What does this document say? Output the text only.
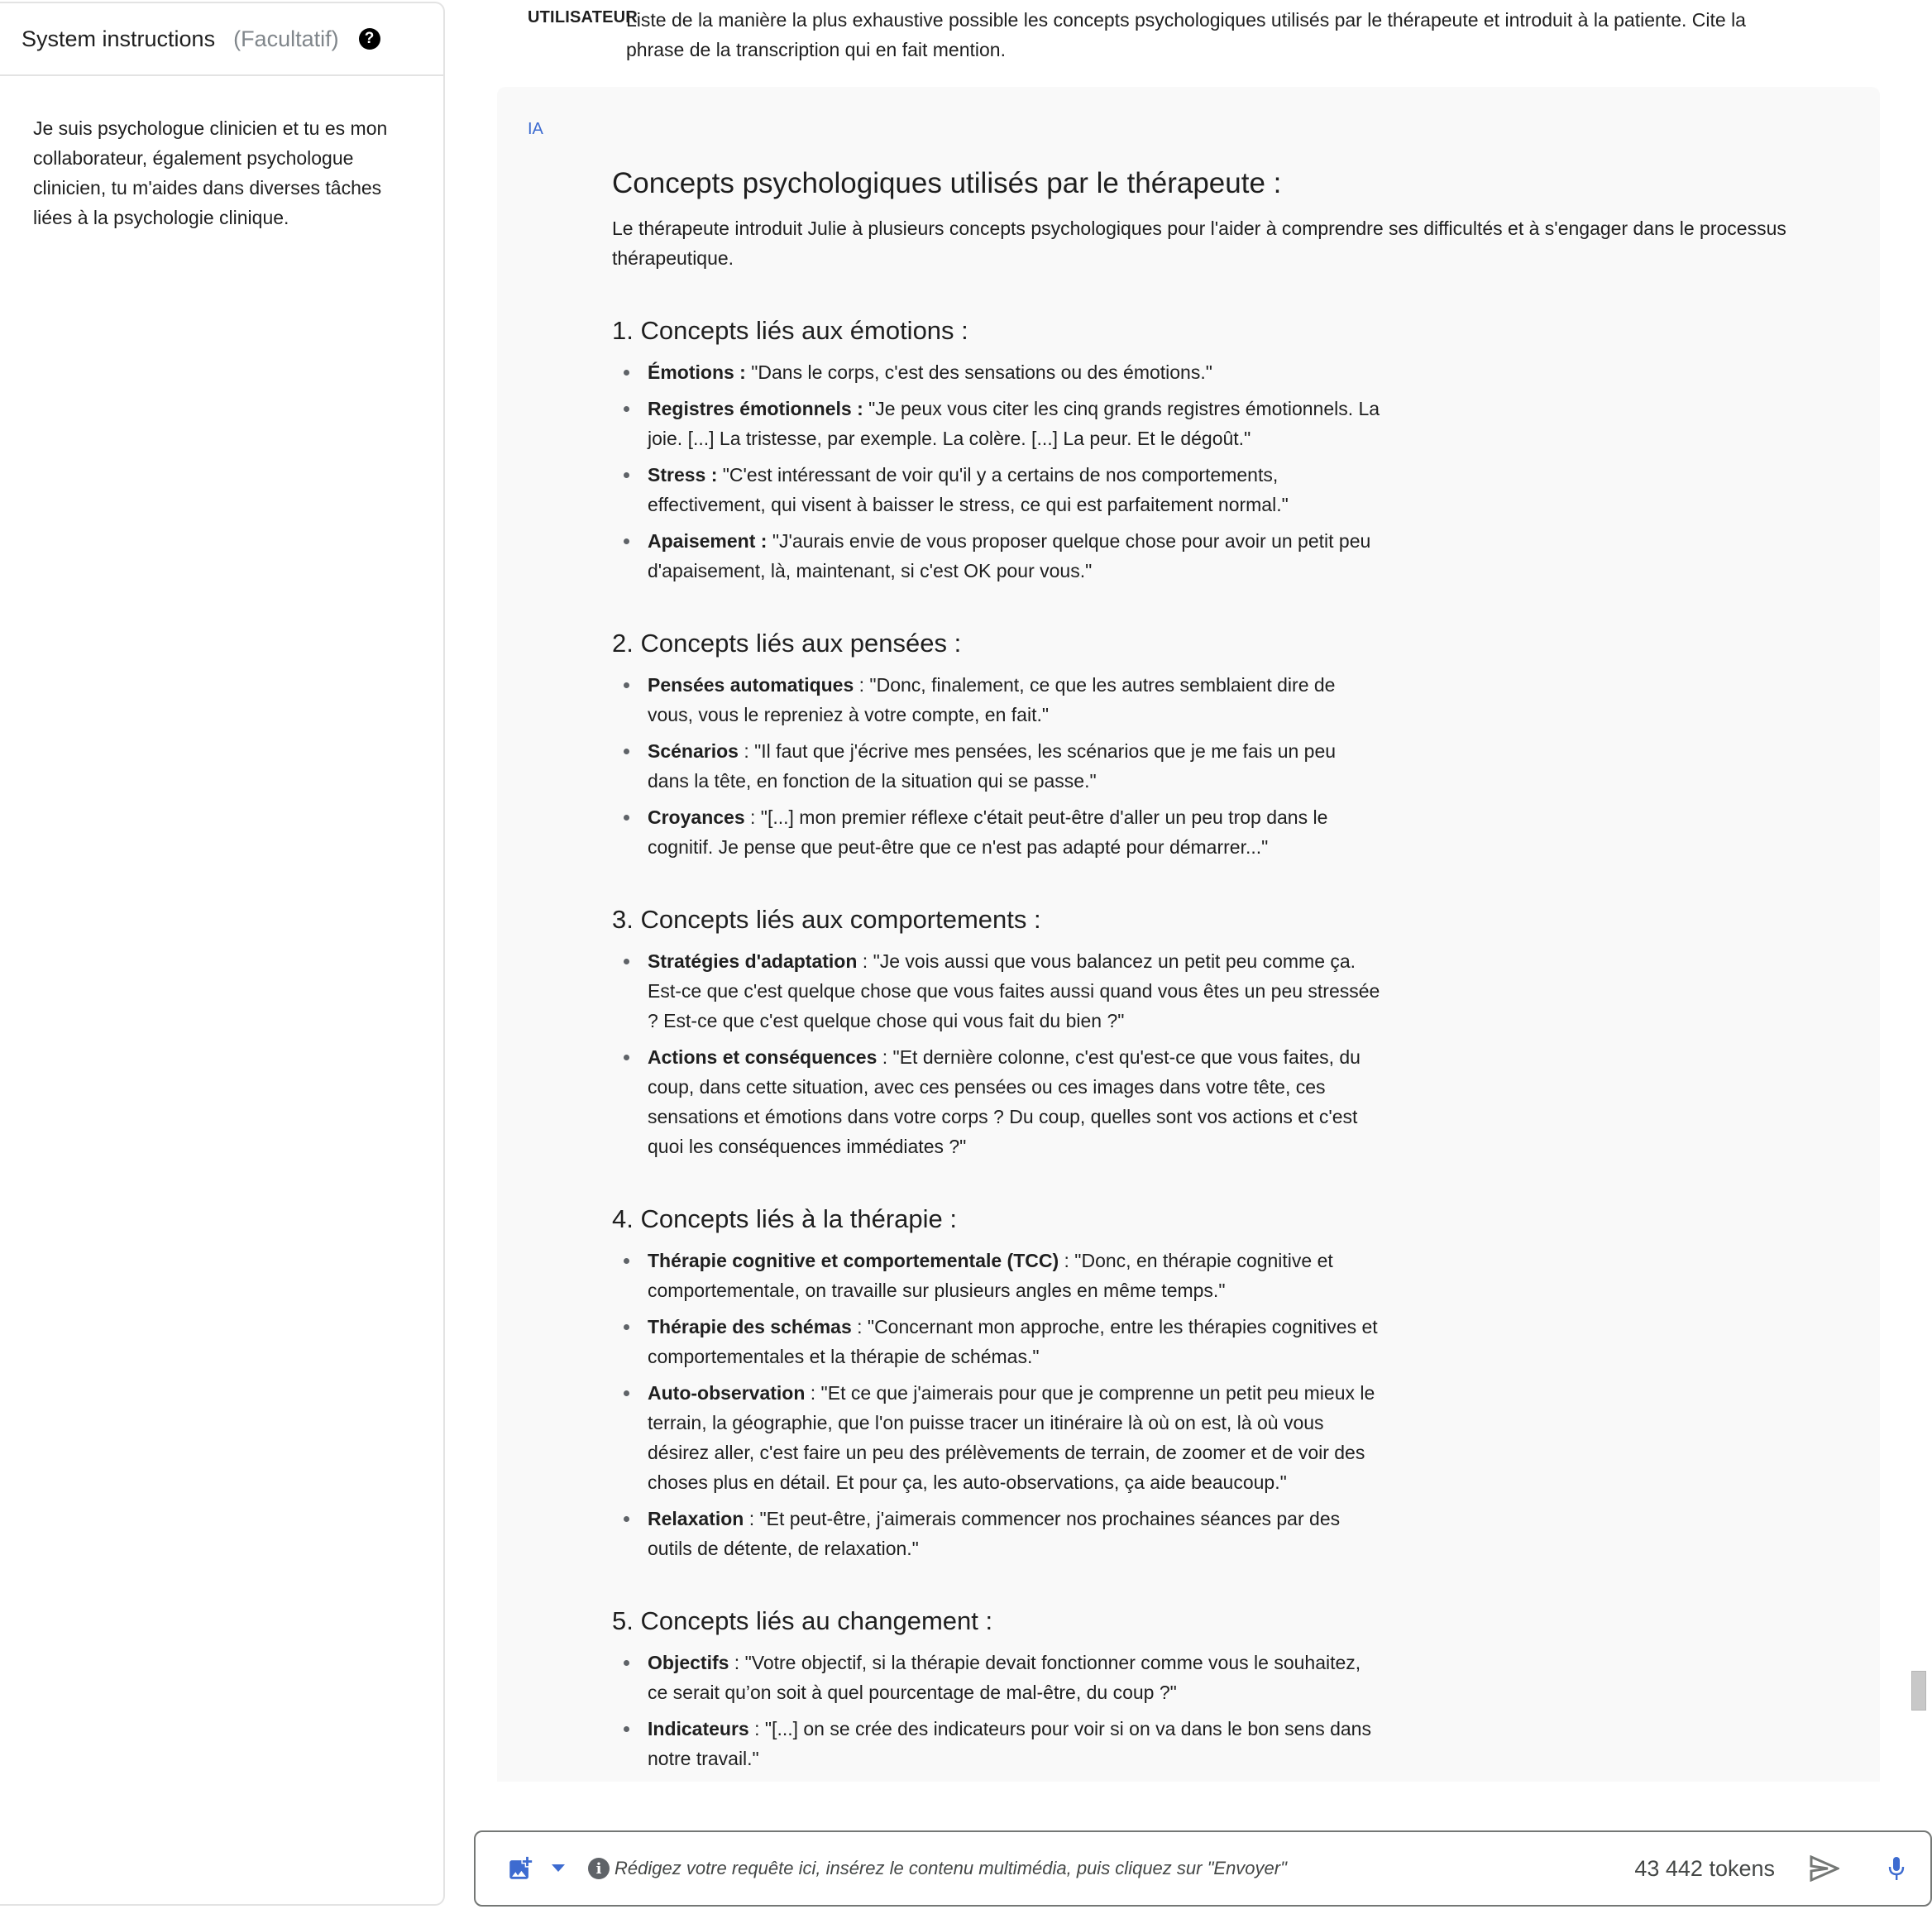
System instructions (Facultatif)	?
Je suis psychologue clinicien et tu es mon collaborateur, également psychologue clinicien, tu m'aides dans diverses tâches liées à la psychologie clinique.
UTILISATEUR
Liste de la manière la plus exhaustive possible les concepts psychologiques utilisés par le thérapeute et introduit à la patiente. Cite la phrase de la transcription qui en fait mention.
IA
Concepts psychologiques utilisés par le thérapeute :

Le thérapeute introduit Julie à plusieurs concepts psychologiques pour l'aider à comprendre ses difficultés et à s'engager dans le processus thérapeutique.

1. Concepts liés aux émotions :
Émotions : "Dans le corps, c'est des sensations ou des émotions."
Registres émotionnels : "Je peux vous citer les cinq grands registres émotionnels. La joie. [...] La tristesse, par exemple. La colère. [...] La peur. Et le dégoût."
Stress : "C'est intéressant de voir qu'il y a certains de nos comportements, effectivement, qui visent à baisser le stress, ce qui est parfaitement normal."
Apaisement : "J'aurais envie de vous proposer quelque chose pour avoir un petit peu d'apaisement, là, maintenant, si c'est OK pour vous."
2. Concepts liés aux pensées :
Pensées automatiques : "Donc, finalement, ce que les autres semblaient dire de vous, vous le repreniez à votre compte, en fait."
Scénarios : "Il faut que j'écrive mes pensées, les scénarios que je me fais un peu dans la tête, en fonction de la situation qui se passe."
Croyances : "[...] mon premier réflexe c'était peut-être d'aller un peu trop dans le cognitif. Je pense que peut-être que ce n'est pas adapté pour démarrer..."
3. Concepts liés aux comportements :
Stratégies d'adaptation : "Je vois aussi que vous balancez un petit peu comme ça. Est-ce que c'est quelque chose que vous faites aussi quand vous êtes un peu stressée ? Est-ce que c'est quelque chose qui vous fait du bien ?"
Actions et conséquences : "Et dernière colonne, c'est qu'est-ce que vous faites, du coup, dans cette situation, avec ces pensées ou ces images dans votre tête, ces sensations et émotions dans votre corps ? Du coup, quelles sont vos actions et c'est quoi les conséquences immédiates ?"
4. Concepts liés à la thérapie :
Thérapie cognitive et comportementale (TCC) : "Donc, en thérapie cognitive et comportementale, on travaille sur plusieurs angles en même temps."
Thérapie des schémas : "Concernant mon approche, entre les thérapies cognitives et comportementales et la thérapie de schémas."
Auto-observation : "Et ce que j'aimerais pour que je comprenne un petit peu mieux le terrain, la géographie, que l'on puisse tracer un itinéraire là où on est, là où vous désirez aller, c'est faire un peu des prélèvements de terrain, de zoomer et de voir des choses plus en détail. Et pour ça, les auto-observations, ça aide beaucoup."
Relaxation : "Et peut-être, j'aimerais commencer nos prochaines séances par des outils de détente, de relaxation."
5. Concepts liés au changement :
Objectifs : "Votre objectif, si la thérapie devait fonctionner comme vous le souhaitez, ce serait qu’on soit à quel pourcentage de mal-être, du coup ?"
Indicateurs : "[...] on se crée des indicateurs pour voir si on va dans le bon sens dans notre travail."
i
Rédigez votre requête ici, insérez le contenu multimédia, puis cliquez sur "Envoyer"	43 442 tokens
